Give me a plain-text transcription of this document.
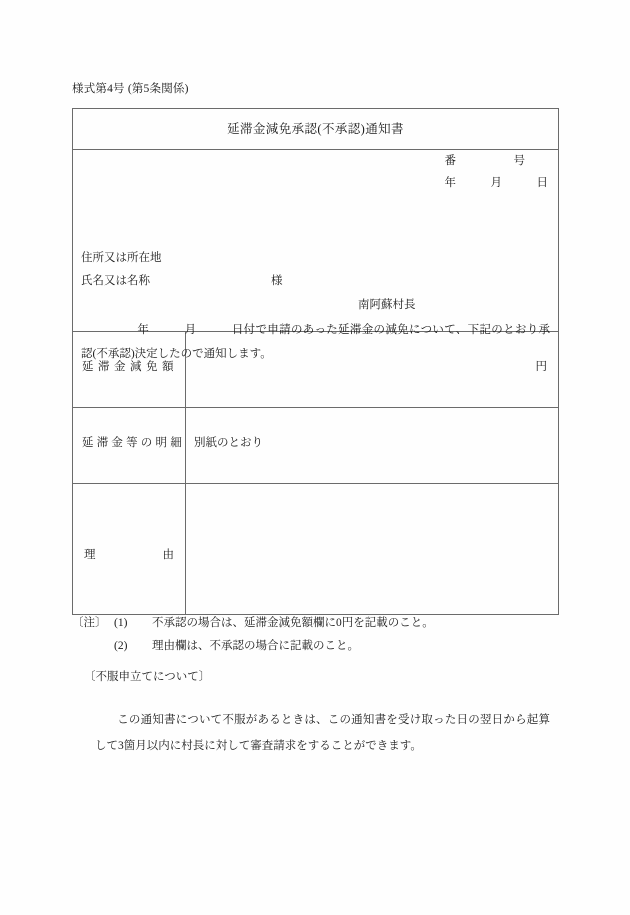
様式第4号 (第5条関係)
延滞金減免承認(不承認)通知書	

番　　　　　号
年　　　月　　　日
住所又は所在地
氏名又は名称	様
南阿蘇村長
年　　　月　　　日付で申請のあった延滞金の減免について、下記のとおり承認(不承認)決定したので通知します。

延滞金減免額	円

延滞金等の明細	別紙のとおり

理 由	

〔注〕 (1)	不承認の場合は、延滞金減免額欄に0円を記載のこと。
(2)	理由欄は、不承認の場合に記載のこと。
〔不服申立てについて〕
この通知書について不服があるときは、この通知書を受け取った日の翌日から起算して3箇月以内に村長に対して審査請求をすることができます。
